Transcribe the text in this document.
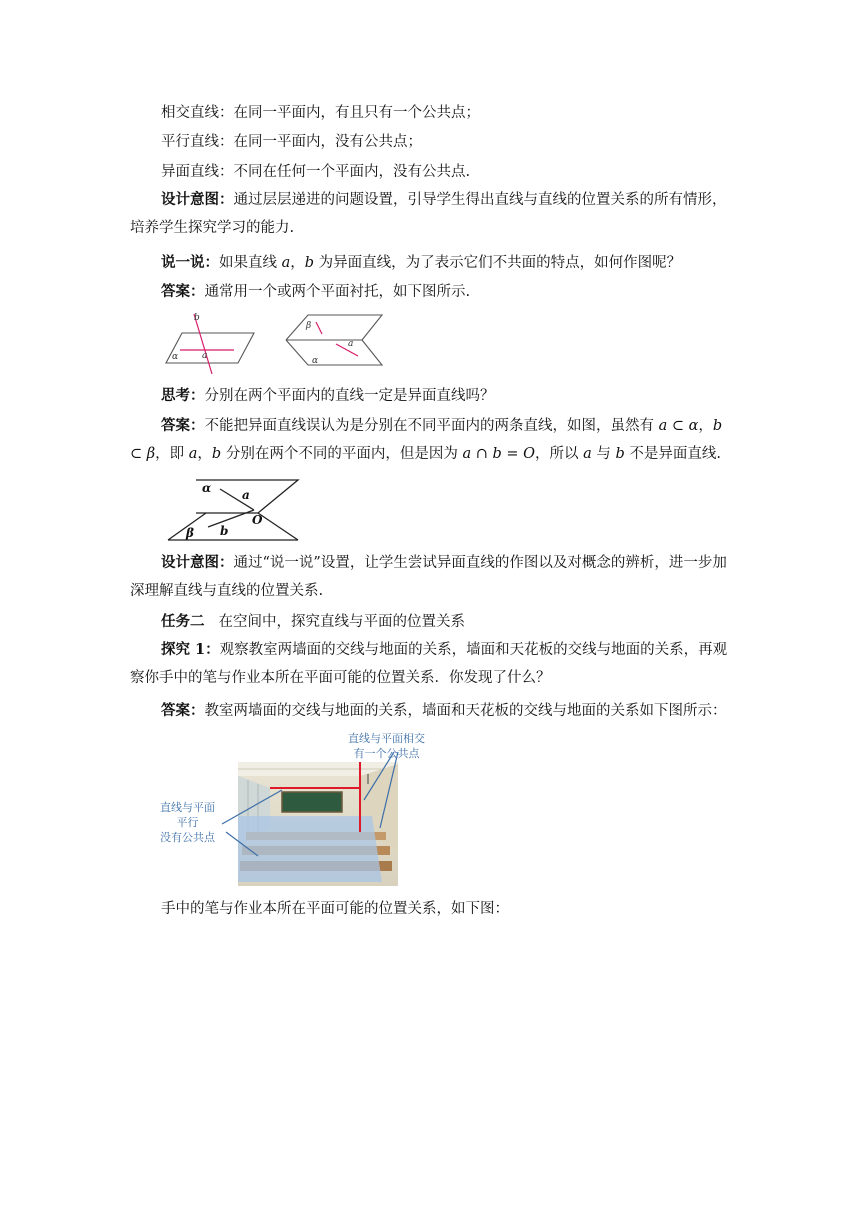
相交直线：在同一平面内，有且只有一个公共点；
平行直线：在同一平面内，没有公共点；
异面直线：不同在任何一个平面内，没有公共点.
设计意图：通过层层递进的问题设置，引导学生得出直线与直线的位置关系的所有情形，培养学生探究学习的能力.
说一说：如果直线 a，b 为异面直线，为了表示它们不共面的特点，如何作图呢？
答案：通常用一个或两个平面衬托，如下图所示.
b
a
α
β
a
α
思考：分别在两个平面内的直线一定是异面直线吗？
答案：不能把异面直线误认为是分别在不同平面内的两条直线，如图，虽然有 a ⊂ α，b ⊂ β，即 a，b 分别在两个不同的平面内，但是因为 a ∩ b = O，所以 a 与 b 不是异面直线.
α	a
O
β b
设计意图：通过“说一说”设置，让学生尝试异面直线的作图以及对概念的辨析，进一步加深理解直线与直线的位置关系.
任务二 在空间中，探究直线与平面的位置关系
探究 1：观察教室两墙面的交线与地面的关系，墙面和天花板的交线与地面的关系，再观察你手中的笔与作业本所在平面可能的位置关系．你发现了什么？
答案：教室两墙面的交线与地面的关系，墙面和天花板的交线与地面的关系如下图所示：
直线与平面相交
有一个公共点
直线与平面
平行
没有公共点
手中的笔与作业本所在平面可能的位置关系，如下图：
